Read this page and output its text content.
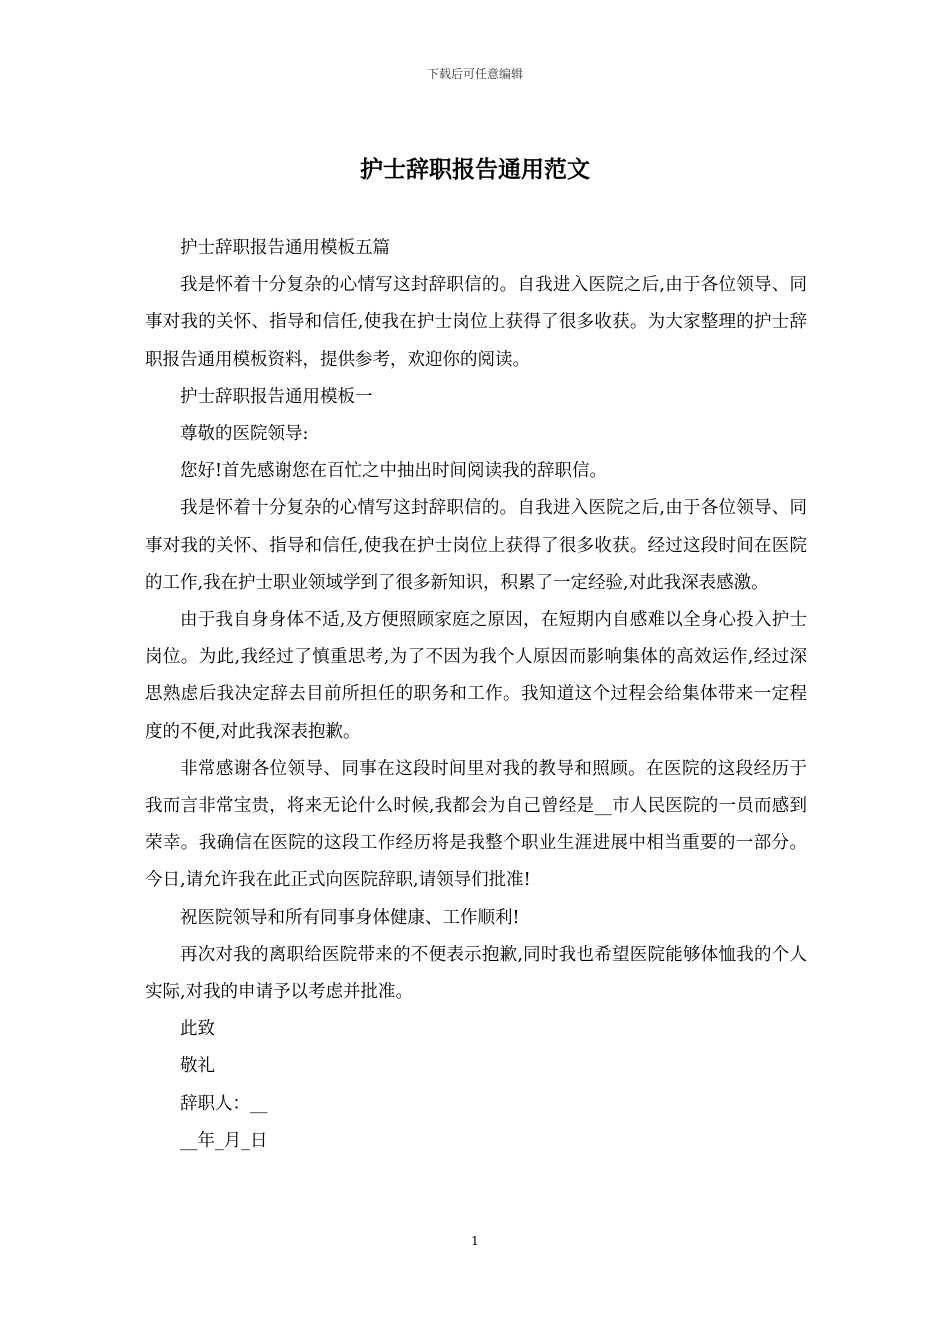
下载后可任意编辑
护士辞职报告通用范文

护士辞职报告通用模板五篇

我是怀着十分复杂的心情写这封辞职信的。自我进入医院之后,由于各位领导、同事对我的关怀、指导和信任,使我在护士岗位上获得了很多收获。为大家整理的护士辞职报告通用模板资料，提供参考，欢迎你的阅读。

护士辞职报告通用模板一

尊敬的医院领导:

您好!首先感谢您在百忙之中抽出时间阅读我的辞职信。

我是怀着十分复杂的心情写这封辞职信的。自我进入医院之后,由于各位领导、同事对我的关怀、指导和信任,使我在护士岗位上获得了很多收获。经过这段时间在医院的工作,我在护士职业领域学到了很多新知识，积累了一定经验,对此我深表感激。

由于我自身身体不适,及方便照顾家庭之原因，在短期内自感难以全身心投入护士岗位。为此,我经过了慎重思考,为了不因为我个人原因而影响集体的高效运作,经过深思熟虑后我决定辞去目前所担任的职务和工作。我知道这个过程会给集体带来一定程度的不便,对此我深表抱歉。

非常感谢各位领导、同事在这段时间里对我的教导和照顾。在医院的这段经历于我而言非常宝贵，将来无论什么时候,我都会为自己曾经是__市人民医院的一员而感到荣幸。我确信在医院的这段工作经历将是我整个职业生涯进展中相当重要的一部分。今日,请允许我在此正式向医院辞职,请领导们批准!

祝医院领导和所有同事身体健康、工作顺利!

再次对我的离职给医院带来的不便表示抱歉,同时我也希望医院能够体恤我的个人实际,对我的申请予以考虑并批准。

此致

敬礼

辞职人：__

__年_月_日

1
